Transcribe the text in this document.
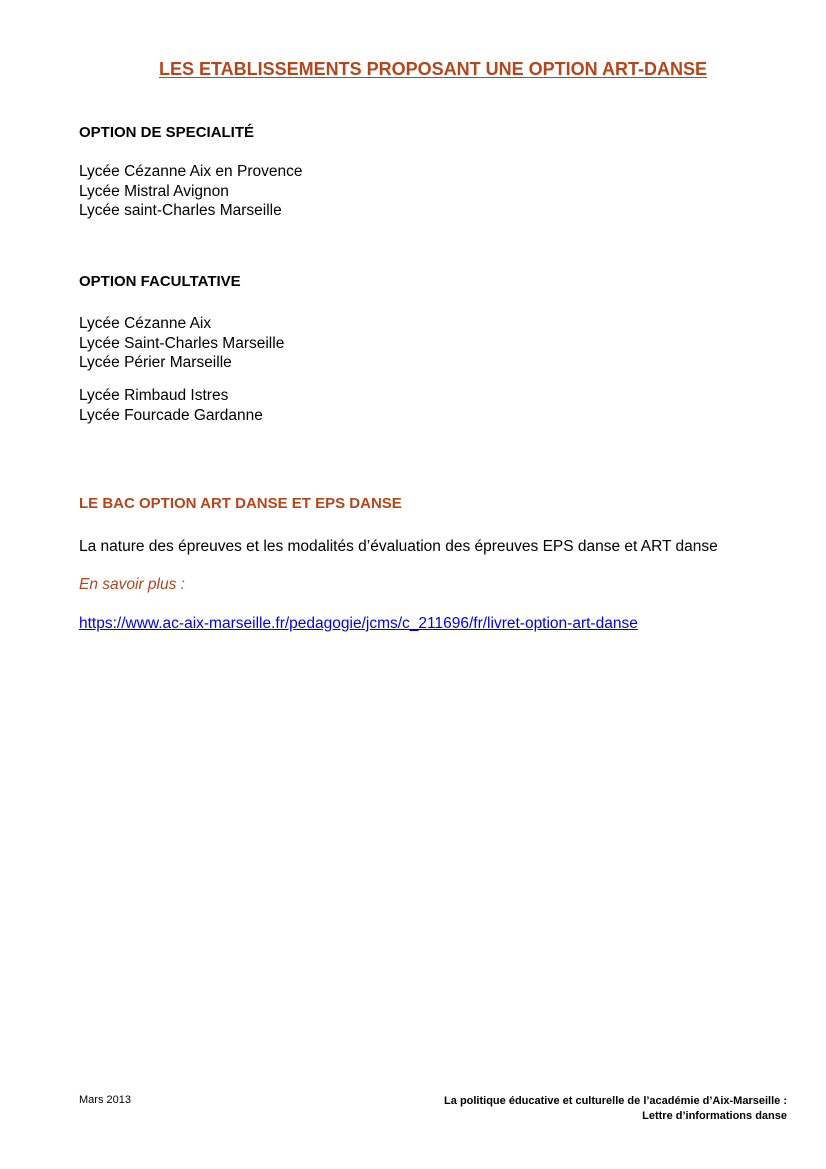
LES ETABLISSEMENTS PROPOSANT UNE OPTION ART-DANSE
OPTION DE SPECIALITÉ
Lycée Cézanne Aix en Provence
Lycée Mistral Avignon
Lycée saint-Charles Marseille
OPTION FACULTATIVE
Lycée Cézanne Aix
Lycée Saint-Charles Marseille
Lycée Périer Marseille
Lycée Rimbaud Istres
Lycée Fourcade Gardanne
LE BAC OPTION ART DANSE ET EPS DANSE

La nature des épreuves et les modalités d’évaluation des épreuves EPS danse et ART danse

En savoir plus :

https://www.ac-aix-marseille.fr/pedagogie/jcms/c_211696/fr/livret-option-art-danse

Mars 2013	La politique éducative et culturelle de l’académie d’Aix-Marseille :
Lettre d’informations danse
